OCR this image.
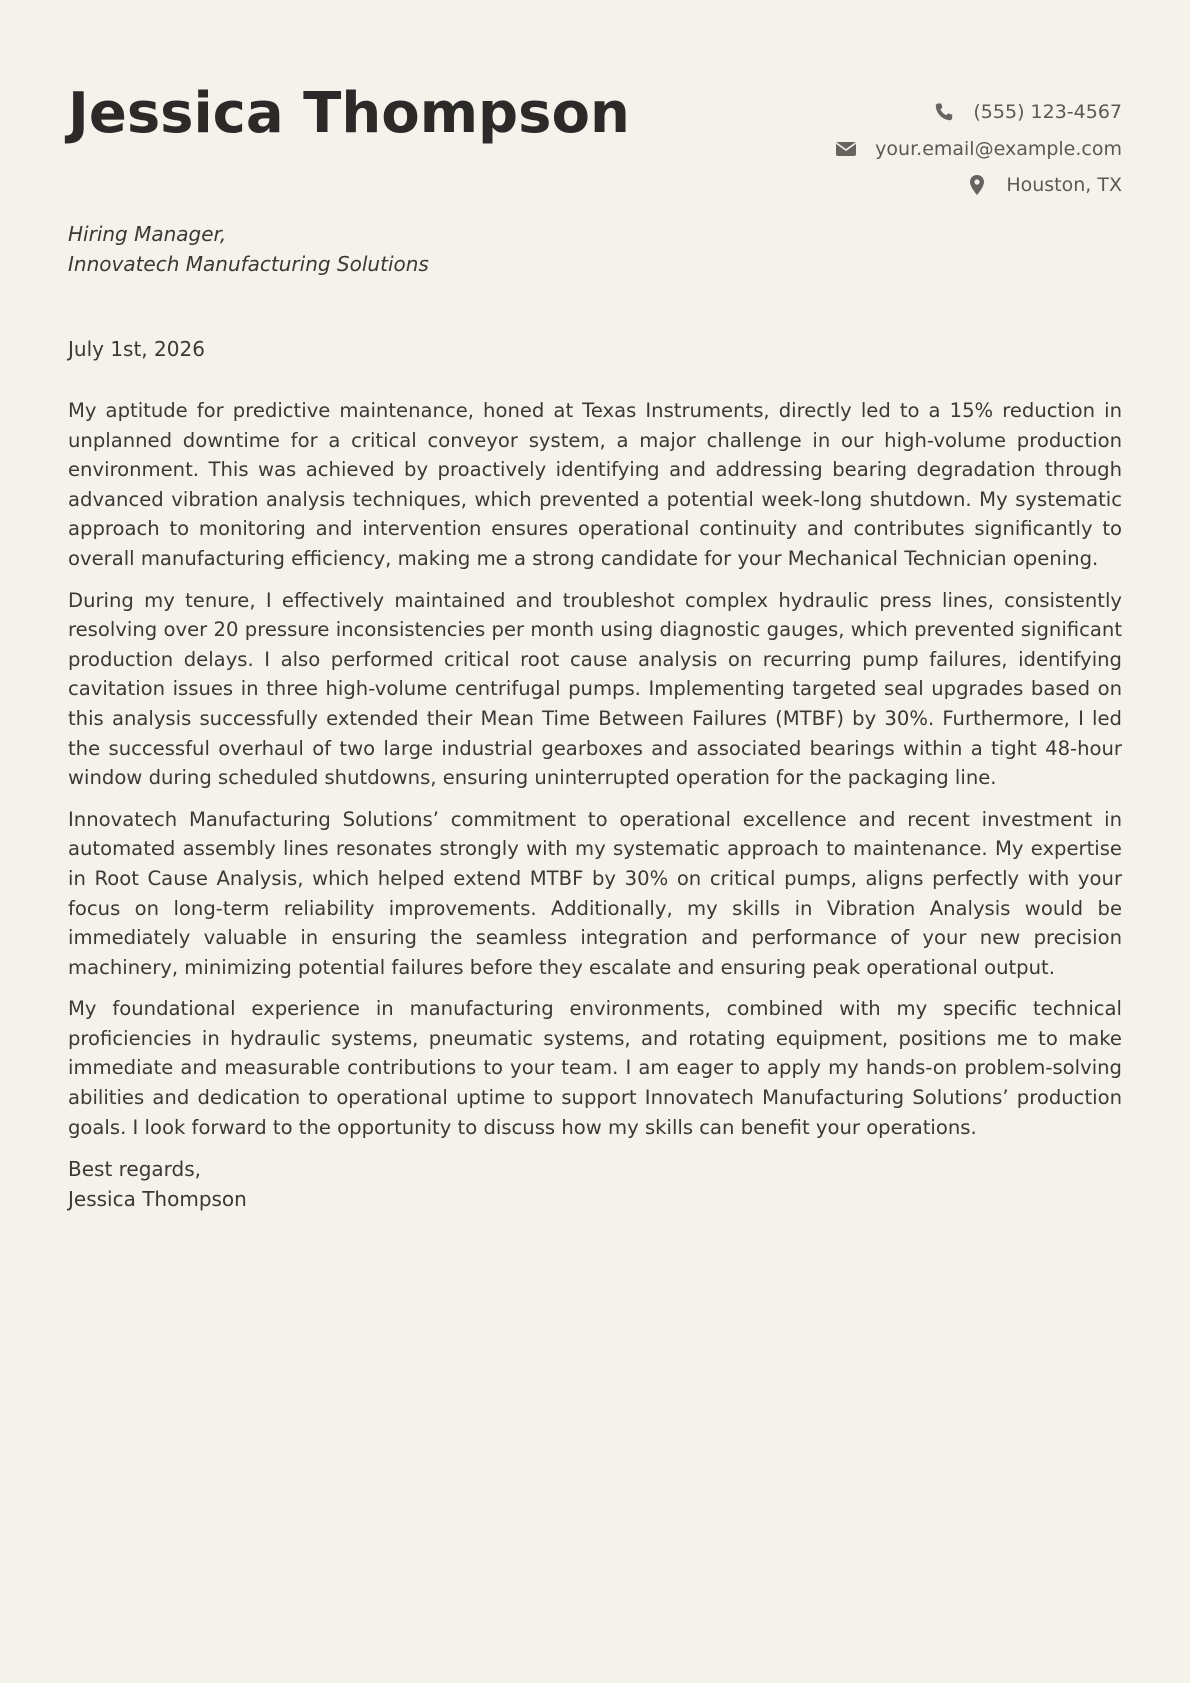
Jessica Thompson	(555) 123-4567
your.email@example.com
Houston, TX
Hiring Manager,
Innovatech Manufacturing Solutions
July 1st, 2026

My aptitude for predictive maintenance, honed at Texas Instruments, directly led to a 15% reduction in unplanned downtime for a critical conveyor system, a major challenge in our high-volume production environment. This was achieved by proactively identifying and addressing bearing degradation through advanced vibration analysis techniques, which prevented a potential week-long shutdown. My systematic approach to monitoring and intervention ensures operational continuity and contributes significantly to overall manufacturing efficiency, making me a strong candidate for your Mechanical Technician opening.

During my tenure, I effectively maintained and troubleshot complex hydraulic press lines, consistently resolving over 20 pressure inconsistencies per month using diagnostic gauges, which prevented significant production delays. I also performed critical root cause analysis on recurring pump failures, identifying cavitation issues in three high-volume centrifugal pumps. Implementing targeted seal upgrades based on this analysis successfully extended their Mean Time Between Failures (MTBF) by 30%. Furthermore, I led the successful overhaul of two large industrial gearboxes and associated bearings within a tight 48-hour window during scheduled shutdowns, ensuring uninterrupted operation for the packaging line.

Innovatech Manufacturing Solutions’ commitment to operational excellence and recent investment in automated assembly lines resonates strongly with my systematic approach to maintenance. My expertise in Root Cause Analysis, which helped extend MTBF by 30% on critical pumps, aligns perfectly with your focus on long-term reliability improvements. Additionally, my skills in Vibration Analysis would be immediately valuable in ensuring the seamless integration and performance of your new precision machinery, minimizing potential failures before they escalate and ensuring peak operational output.

My foundational experience in manufacturing environments, combined with my specific technical proficiencies in hydraulic systems, pneumatic systems, and rotating equipment, positions me to make immediate and measurable contributions to your team. I am eager to apply my hands-on problem-solving abilities and dedication to operational uptime to support Innovatech Manufacturing Solutions’ production goals. I look forward to the opportunity to discuss how my skills can benefit your operations.

Best regards,
Jessica Thompson
